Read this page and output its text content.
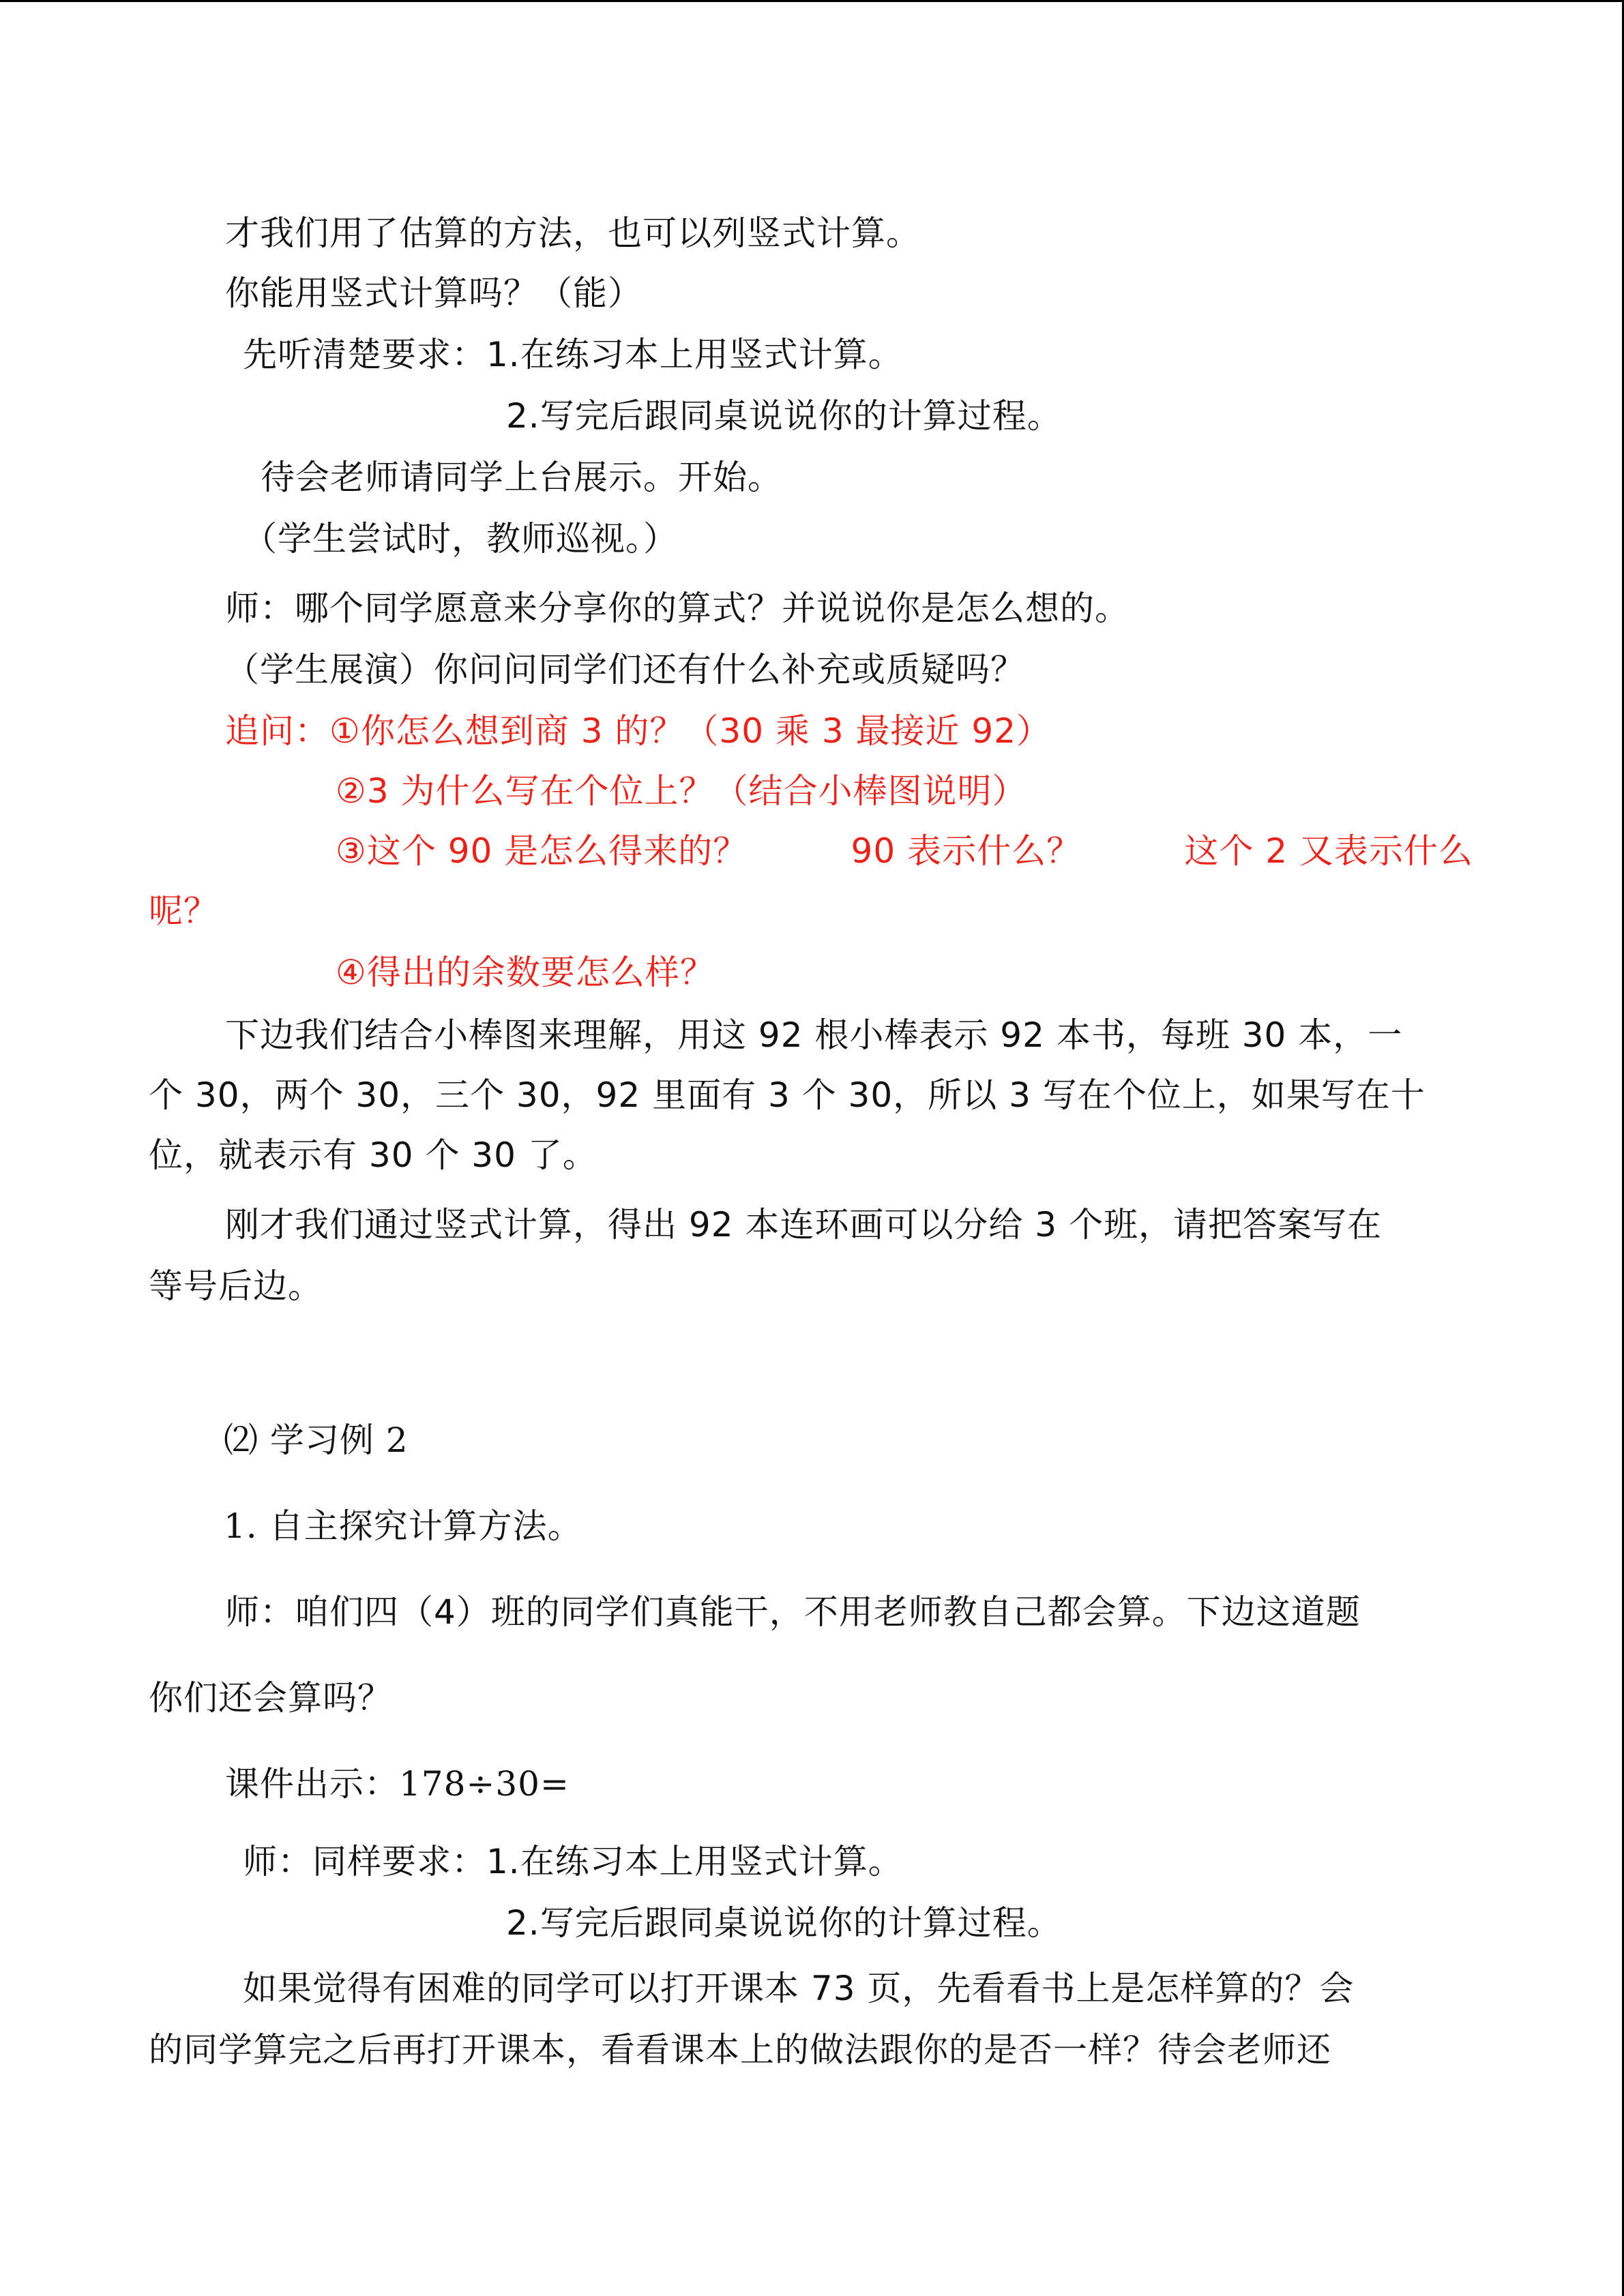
才我们用了估算的方法，也可以列竖式计算。
你能用竖式计算吗？（能）
先听清楚要求：1.在练习本上用竖式计算。
2.写完后跟同桌说说你的计算过程。
待会老师请同学上台展示。开始。
（学生尝试时，教师巡视。）
师：哪个同学愿意来分享你的算式？并说说你是怎么想的。
（学生展演）你问问同学们还有什么补充或质疑吗？
追问：①你怎么想到商 3 的？（30 乘 3 最接近 92）
②3 为什么写在个位上？（结合小棒图说明）
③这个 90 是怎么得来的？	90 表示什么？	这个 2 又表示什么
呢？
④得出的余数要怎么样？
下边我们结合小棒图来理解，用这 92 根小棒表示 92 本书，每班 30 本，一
个 30，两个 30，三个 30，92 里面有 3 个 30，所以 3 写在个位上，如果写在十
位，就表示有 30 个 30 了。
刚才我们通过竖式计算，得出 92 本连环画可以分给 3 个班，请把答案写在
等号后边。
⑵ 学习例 2
1. 自主探究计算方法。
师：咱们四（4）班的同学们真能干，不用老师教自己都会算。下边这道题
你们还会算吗？
课件出示：178÷30=
师：同样要求：1.在练习本上用竖式计算。
2.写完后跟同桌说说你的计算过程。
如果觉得有困难的同学可以打开课本 73 页，先看看书上是怎样算的？会
的同学算完之后再打开课本，看看课本上的做法跟你的是否一样？待会老师还
